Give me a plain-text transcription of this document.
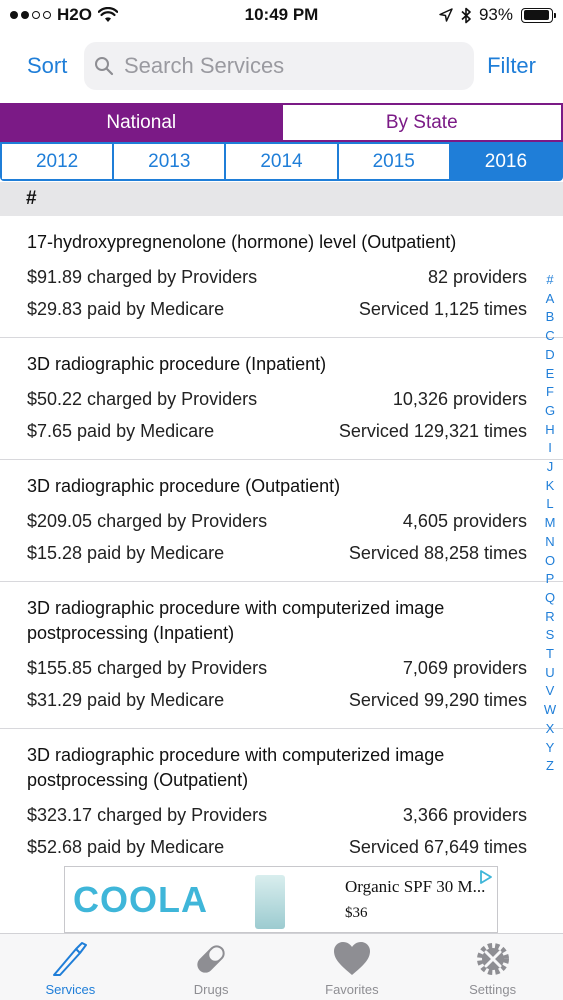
H2O	10:49 PM	93%
Sort
Search Services	Filter
National	By State
2012	2013	2014	2015	2016
#
17-hydroxypregnenolone (hormone) level (Outpatient)
$91.89 charged by Providers	82 providers
$29.83 paid by Medicare	Serviced 1,125 times
3D radiographic procedure (Inpatient)
$50.22 charged by Providers	10,326 providers
$7.65 paid by Medicare	Serviced 129,321 times
3D radiographic procedure (Outpatient)
$209.05 charged by Providers	4,605 providers
$15.28 paid by Medicare	Serviced 88,258 times
3D radiographic procedure with computerized image postprocessing (Inpatient)
$155.85 charged by Providers	7,069 providers
$31.29 paid by Medicare	Serviced 99,290 times
3D radiographic procedure with computerized image postprocessing (Outpatient)
$323.17 charged by Providers	3,366 providers
$52.68 paid by Medicare	Serviced 67,649 times
#
A
B
C
D
E
F
G
H
I
J
K
L
M
N
O
P
Q
R
S
T
U
V
W
X
Y
Z
COOLA	Organic SPF 30 M...
$36
Services	Drugs	Favorites	Settings
